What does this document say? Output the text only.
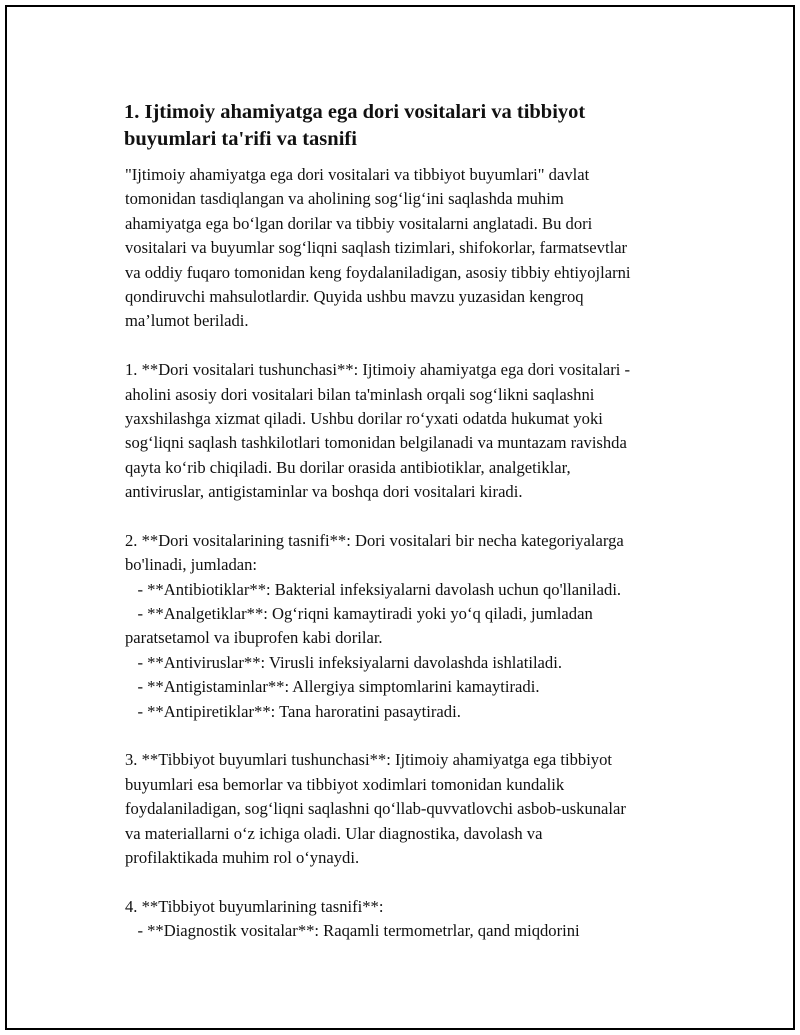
1. Ijtimoiy ahamiyatga ega dori vositalari va tibbiyot
buyumlari ta'rifi va tasnifi
"Ijtimoiy ahamiyatga ega dori vositalari va tibbiyot buyumlari" davlat
tomonidan tasdiqlangan va aholining sog‘lig‘ini saqlashda muhim
ahamiyatga ega bo‘lgan dorilar va tibbiy vositalarni anglatadi. Bu dori
vositalari va buyumlar sog‘liqni saqlash tizimlari, shifokorlar, farmatsevtlar
va oddiy fuqaro tomonidan keng foydalaniladigan, asosiy tibbiy ehtiyojlarni
qondiruvchi mahsulotlardir. Quyida ushbu mavzu yuzasidan kengroq
ma’lumot beriladi.
1. **Dori vositalari tushunchasi**: Ijtimoiy ahamiyatga ega dori vositalari -
aholini asosiy dori vositalari bilan ta'minlash orqali sog‘likni saqlashni
yaxshilashga xizmat qiladi. Ushbu dorilar ro‘yxati odatda hukumat yoki
sog‘liqni saqlash tashkilotlari tomonidan belgilanadi va muntazam ravishda
qayta ko‘rib chiqiladi. Bu dorilar orasida antibiotiklar, analgetiklar,
antiviruslar, antigistaminlar va boshqa dori vositalari kiradi.
2. **Dori vositalarining tasnifi**: Dori vositalari bir necha kategoriyalarga
bo'linadi, jumladan:
- **Antibiotiklar**: Bakterial infeksiyalarni davolash uchun qo'llaniladi.
- **Analgetiklar**: Og‘riqni kamaytiradi yoki yo‘q qiladi, jumladan
paratsetamol va ibuprofen kabi dorilar.
- **Antiviruslar**: Virusli infeksiyalarni davolashda ishlatiladi.
- **Antigistaminlar**: Allergiya simptomlarini kamaytiradi.
- **Antipiretiklar**: Tana haroratini pasaytiradi.
3. **Tibbiyot buyumlari tushunchasi**: Ijtimoiy ahamiyatga ega tibbiyot
buyumlari esa bemorlar va tibbiyot xodimlari tomonidan kundalik
foydalaniladigan, sog‘liqni saqlashni qo‘llab-quvvatlovchi asbob-uskunalar
va materiallarni o‘z ichiga oladi. Ular diagnostika, davolash va
profilaktikada muhim rol o‘ynaydi.
4. **Tibbiyot buyumlarining tasnifi**:
- **Diagnostik vositalar**: Raqamli termometrlar, qand miqdorini
